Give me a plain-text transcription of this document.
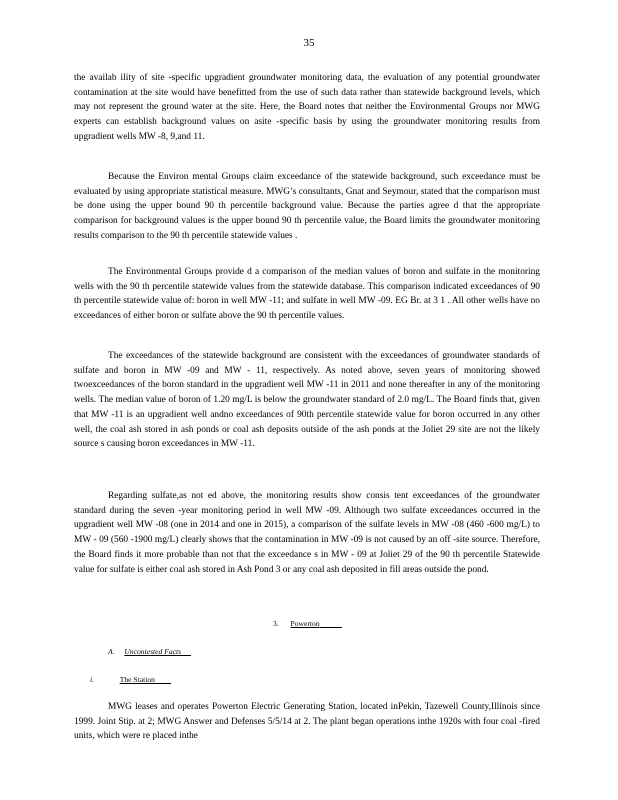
35
the availab ility of site -specific upgradient groundwater monitoring data, the evaluation of any potential groundwater contamination at the site would have benefitted from the use of such data rather than statewide background levels, which may not represent the ground water at the site. Here, the Board notes that neither the Environmental Groups nor MWG experts can establish background values on asite -specific basis by using the groundwater monitoring results from upgradient wells MW -8, 9,and 11.
Because the Environ mental Groups claim exceedance of the statewide background, such exceedance must be evaluated by using appropriate statistical measure. MWG’s consultants, Gnat and Seymour, stated that the comparison must be done using the upper bound 90 th percentile background value. Because the parties agree d that the appropriate comparison for background values is the upper bound 90 th percentile value, the Board limits the groundwater monitoring results comparison to the 90 th percentile statewide values .
The Environmental Groups provide d a comparison of the median values of boron and sulfate in the monitoring wells with the 90 th percentile statewide values from the statewide database. This comparison indicated exceedances of 90 th percentile statewide value of: boron in well MW -11; and sulfate in well MW -09. EG Br. at 3 1 . All other wells have no exceedances of either boron or sulfate above the 90 th percentile values.
The exceedances of the statewide background are consistent with the exceedances of groundwater standards of sulfate and boron in MW -09 and MW - 11, respectively. As noted above, seven years of monitoring showed twoexceedances of the boron standard in the upgradient well MW -11 in 2011 and none thereafter in any of the monitoring wells. The median value of boron of 1.20 mg/L is below the groundwater standard of 2.0 mg/L. The Board finds that, given that MW -11 is an upgradient well andno exceedances of 90th percentile statewide value for boron occurred in any other well, the coal ash stored in ash ponds or coal ash deposits outside of the ash ponds at the Joliet 29 site are not the likely source s causing boron exceedances in MW -11.
Regarding sulfate,as not ed above, the monitoring results show consis tent exceedances of the groundwater standard during the seven -year monitoring period in well MW -09. Although two sulfate exceedances occurred in the upgradient well MW -08 (one in 2014 and one in 2015), a comparison of the sulfate levels in MW -08 (460 -600 mg/L) to MW - 09 (560 -1900 mg/L) clearly shows that the contamination in MW -09 is not caused by an off -site source. Therefore, the Board finds it more probable than not that the exceedance s in MW - 09 at Joliet 29 of the 90 th percentile Statewide value for sulfate is either coal ash stored in Ash Pond 3 or any coal ash deposited in fill areas outside the pond.
3. Powerton
A. Uncontested Facts
i.	The Station
MWG leases and operates Powerton Electric Generating Station, located inPekin, Tazewell County,Illinois since 1999. Joint Stip. at 2; MWG Answer and Defenses 5/5/14 at 2. The plant began operations inthe 1920s with four coal -fired units, which were re placed inthe
